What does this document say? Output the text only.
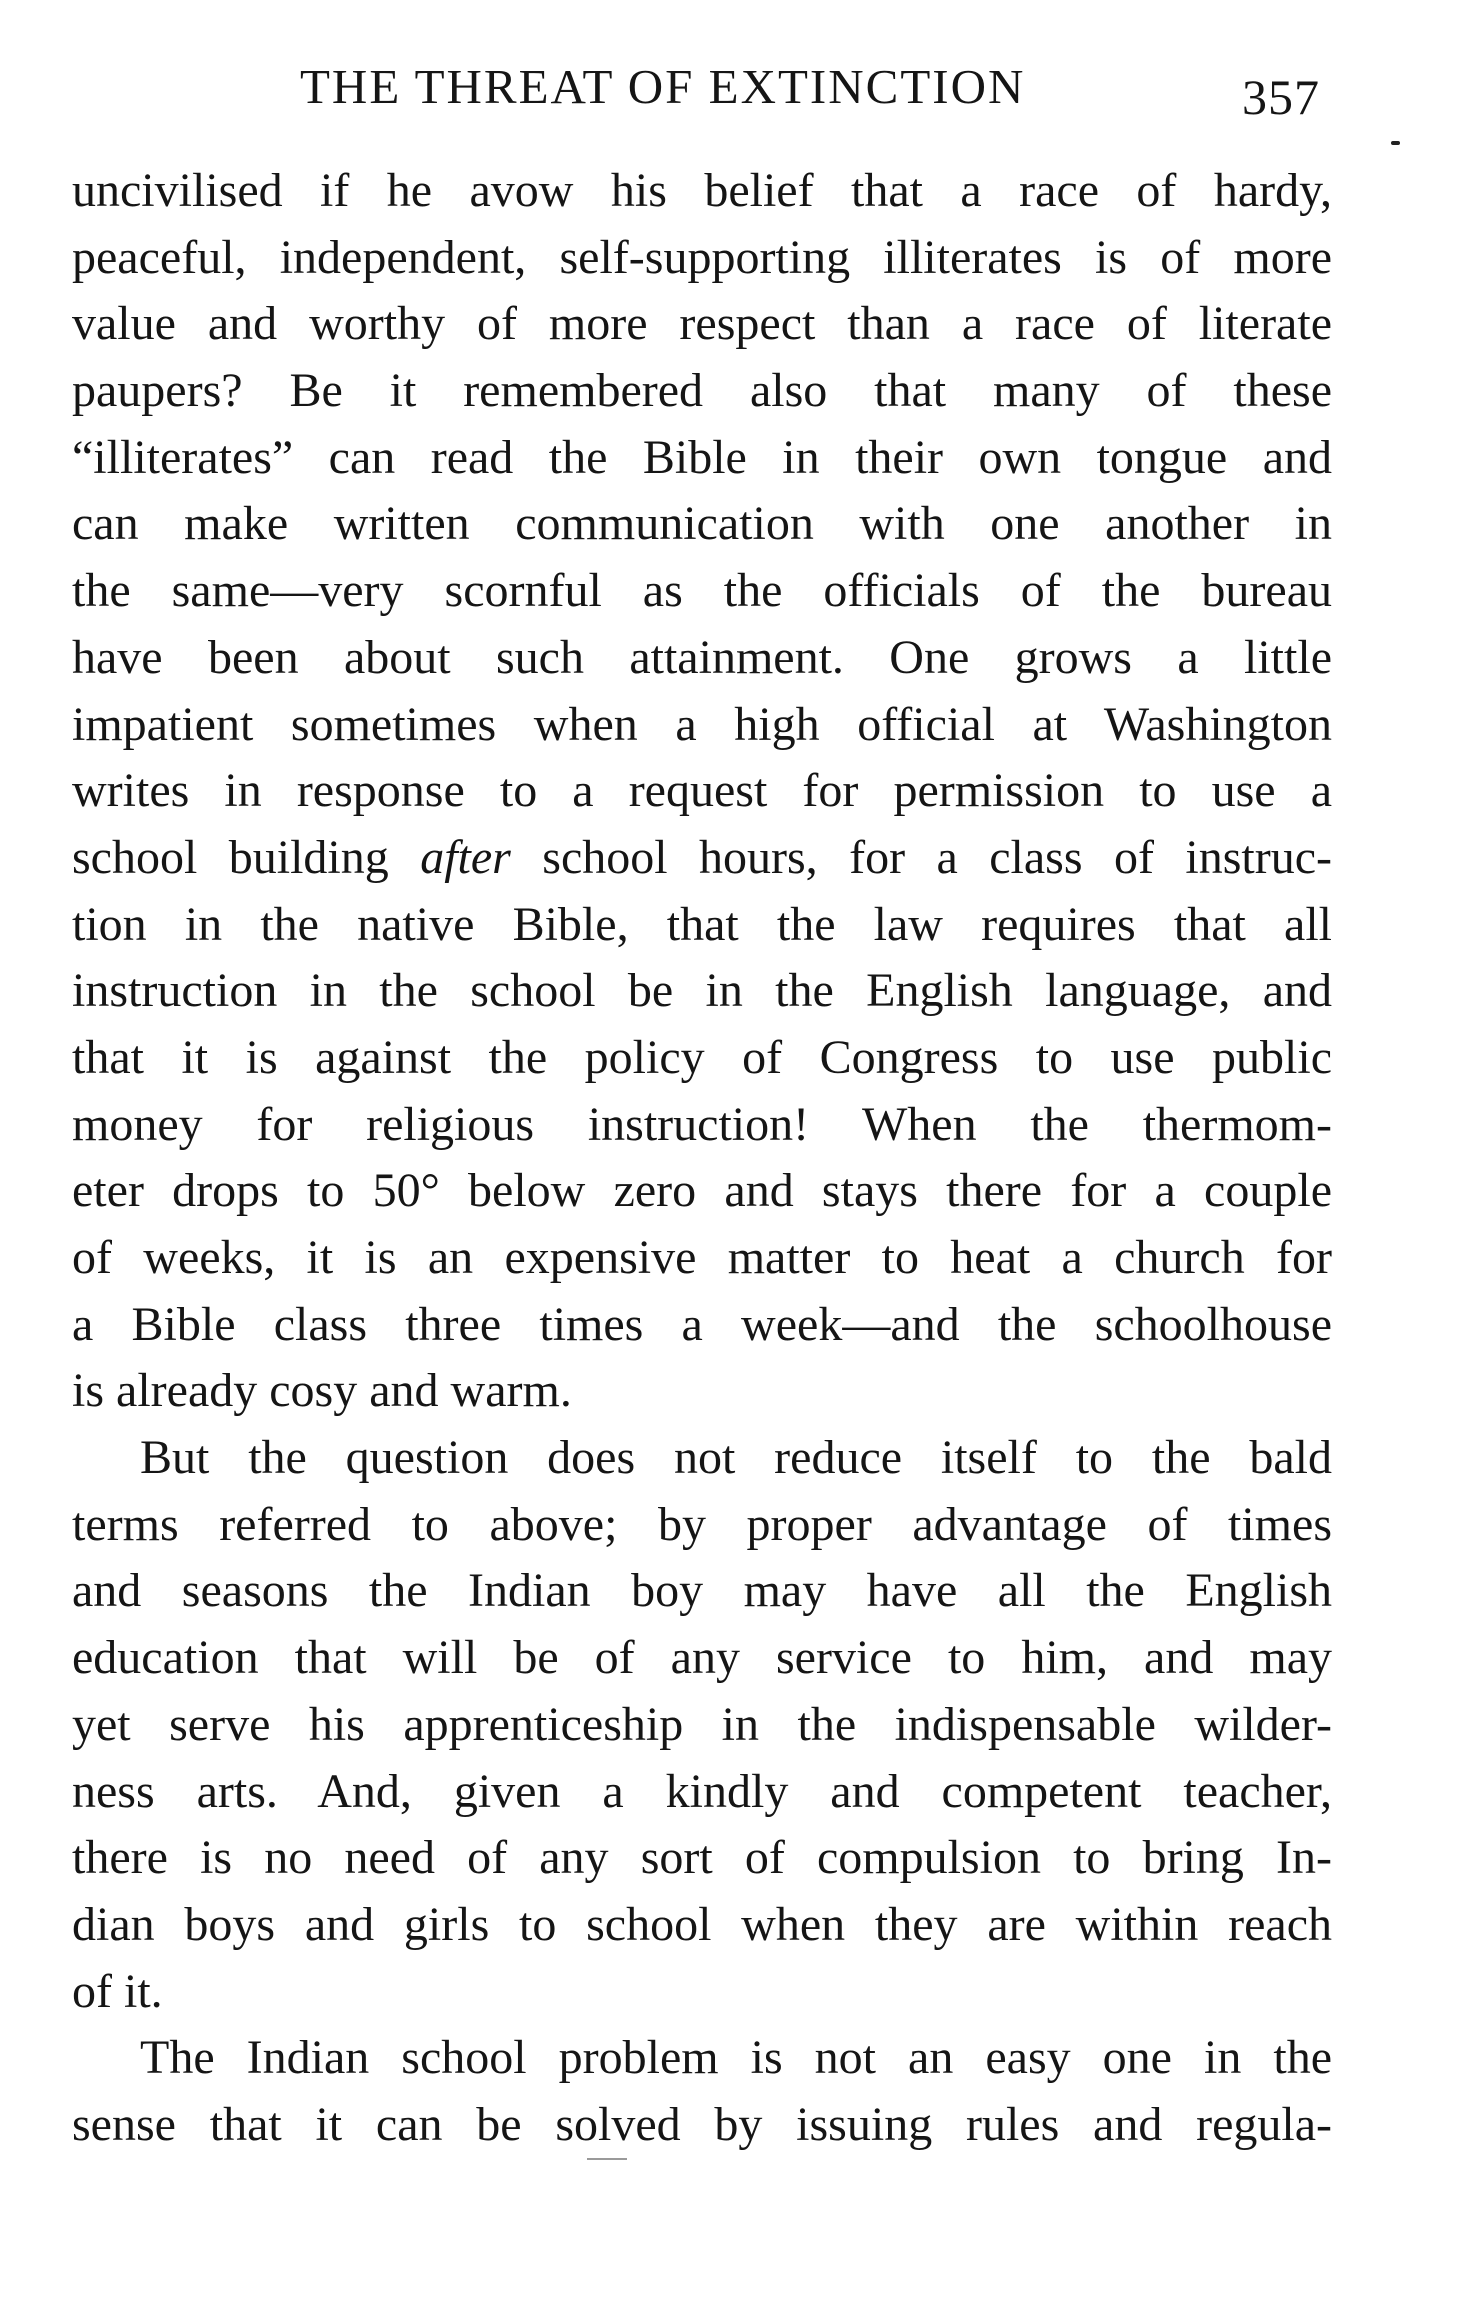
THE THREAT OF EXTINCTION	357
uncivilised if he avow his belief that a race of hardy,
peaceful, independent, self-supporting illiterates is of more
value and worthy of more respect than a race of literate
paupers? Be it remembered also that many of these
“illiterates” can read the Bible in their own tongue and
can make written communication with one another in
the same—very scornful as the officials of the bureau
have been about such attainment. One grows a little
impatient sometimes when a high official at Washington
writes in response to a request for permission to use a
school building after school hours, for a class of instruc-
tion in the native Bible, that the law requires that all
instruction in the school be in the English language, and
that it is against the policy of Congress to use public
money for religious instruction! When the thermom-
eter drops to 50° below zero and stays there for a couple
of weeks, it is an expensive matter to heat a church for
a Bible class three times a week—and the schoolhouse
is already cosy and warm.
But the question does not reduce itself to the bald
terms referred to above; by proper advantage of times
and seasons the Indian boy may have all the English
education that will be of any service to him, and may
yet serve his apprenticeship in the indispensable wilder-
ness arts. And, given a kindly and competent teacher,
there is no need of any sort of compulsion to bring In-
dian boys and girls to school when they are within reach
of it.
The Indian school problem is not an easy one in the
sense that it can be solved by issuing rules and regula-
